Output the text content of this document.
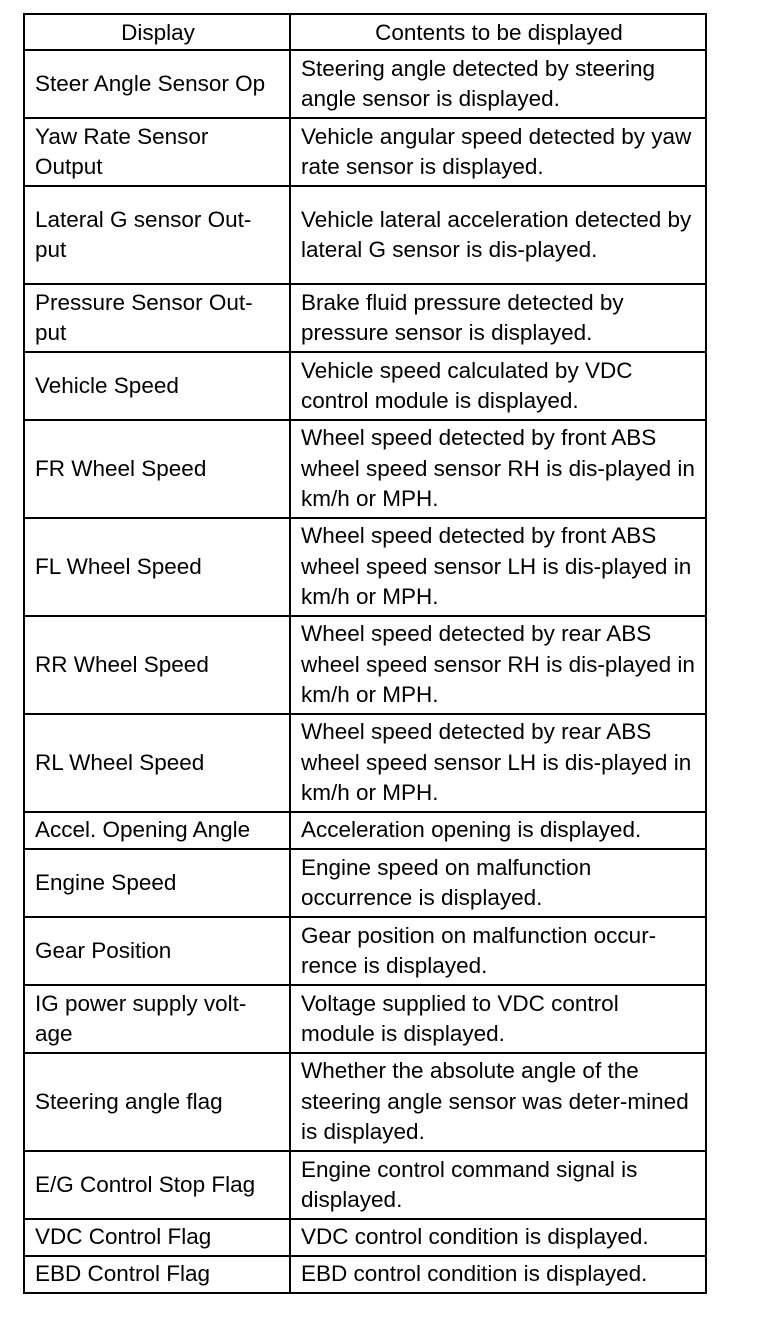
Display	Contents to be displayed
Steer Angle Sensor Op	Steering angle detected by steering angle sensor is displayed.
Yaw Rate Sensor Output	Vehicle angular speed detected by yaw rate sensor is displayed.
Lateral G sensor Out-put	Vehicle lateral acceleration detected by lateral G sensor is dis-played.
Pressure Sensor Out-put	Brake fluid pressure detected by pressure sensor is displayed.
Vehicle Speed	Vehicle speed calculated by VDC control module is displayed.
FR Wheel Speed	Wheel speed detected by front ABS wheel speed sensor RH is dis-played in km/h or MPH.
FL Wheel Speed	Wheel speed detected by front ABS wheel speed sensor LH is dis-played in km/h or MPH.
RR Wheel Speed	Wheel speed detected by rear ABS wheel speed sensor RH is dis-played in km/h or MPH.
RL Wheel Speed	Wheel speed detected by rear ABS wheel speed sensor LH is dis-played in km/h or MPH.
Accel. Opening Angle	Acceleration opening is displayed.
Engine Speed	Engine speed on malfunction occurrence is displayed.
Gear Position	Gear position on malfunction occur-rence is displayed.
IG power supply volt-age	Voltage supplied to VDC control module is displayed.
Steering angle flag	Whether the absolute angle of the steering angle sensor was deter-mined is displayed.
E/G Control Stop Flag	Engine control command signal is displayed.
VDC Control Flag	VDC control condition is displayed.
EBD Control Flag	EBD control condition is displayed.
